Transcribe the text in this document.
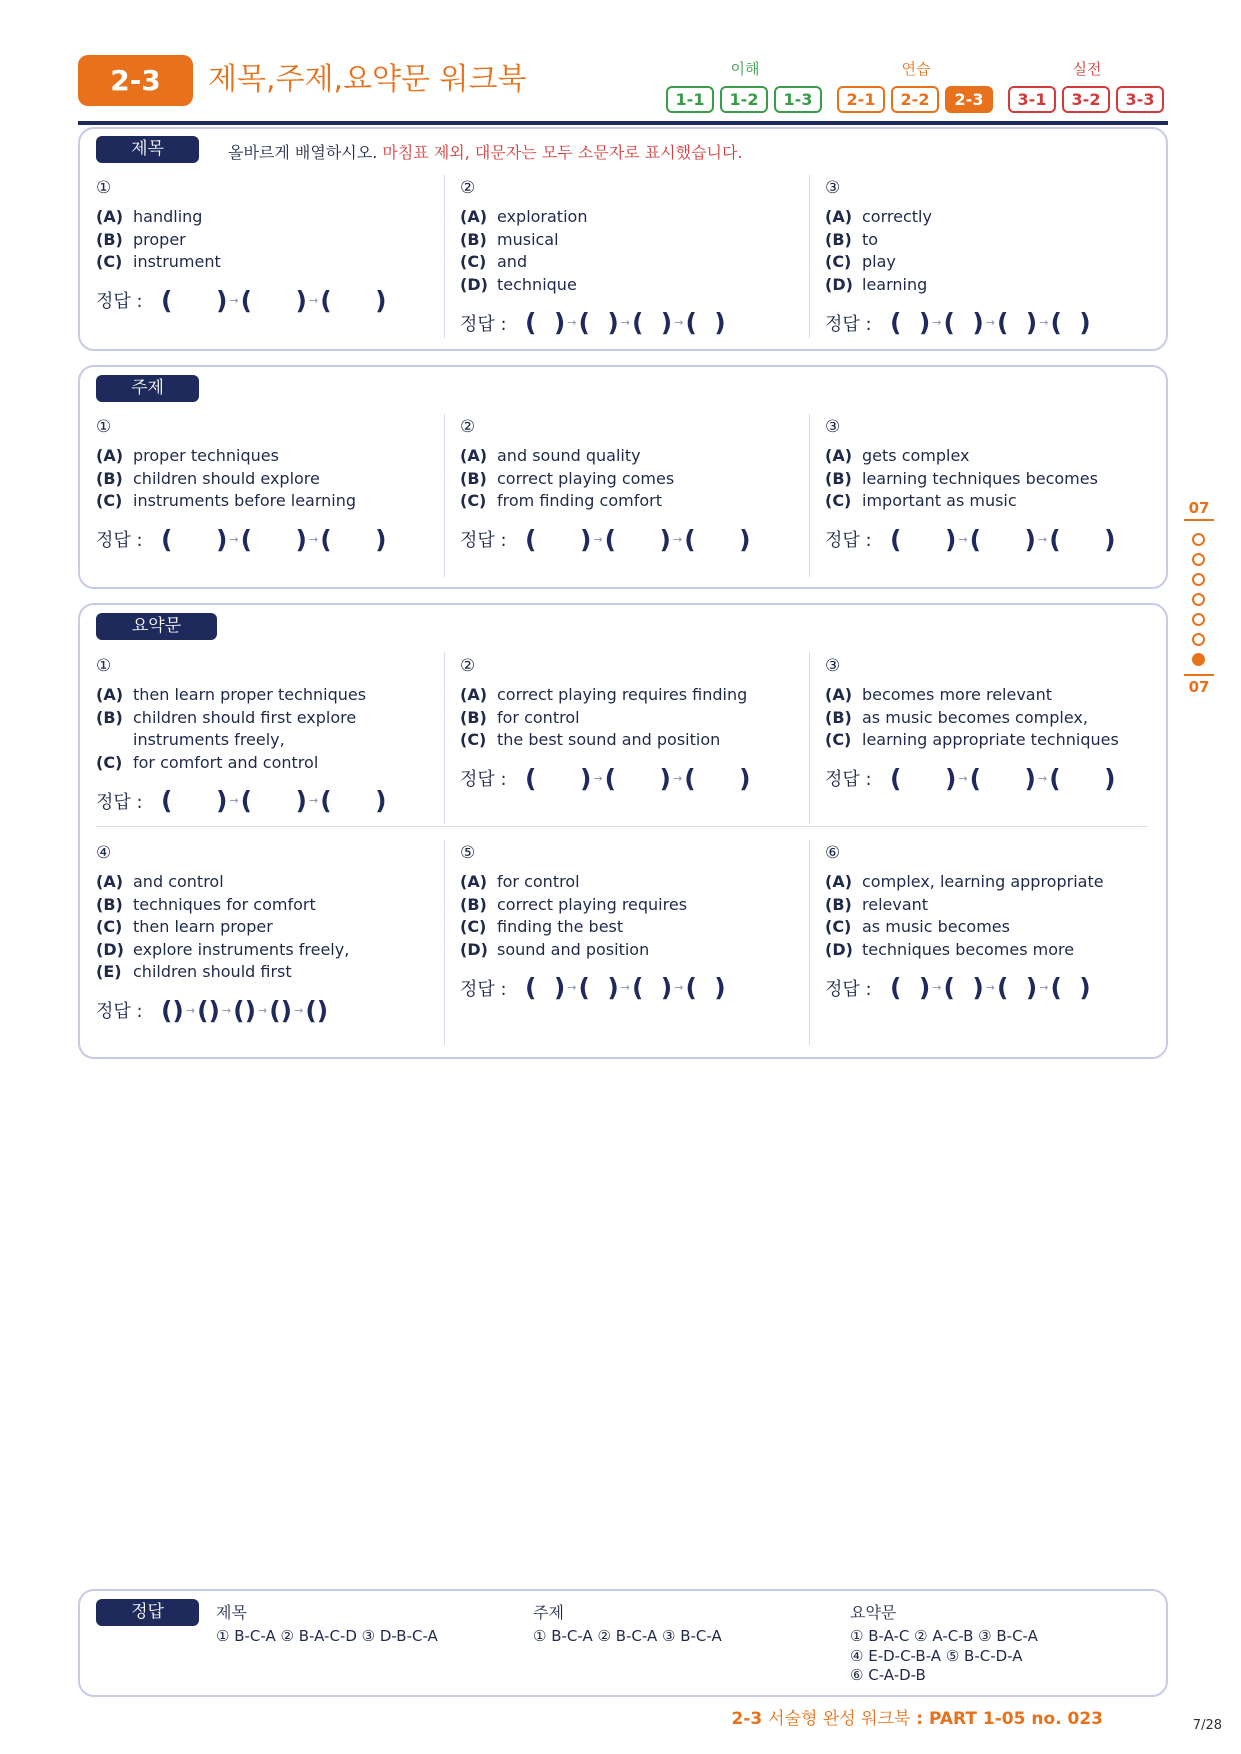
2-3	제목,주제,요약문 워크북	이해	연습	실전
1-1	1-2	1-3	2-1	2-2	2-3	3-1	3-2	3-3
제목	올바르게 배열하시오. 마침표 제외, 대문자는 모두 소문자로 표시했습니다.
①
(A) handling
(B) proper
(C) instrument
정답 : (     ) → (     ) → (     )
②
(A) exploration
(B) musical
(C) and
(D) technique
정답 : (  ) → (  ) → (  ) → (  )
③
(A) correctly
(B) to
(C) play
(D) learning
정답 : (  ) → (  ) → (  ) → (  )
주제
①
(A) proper techniques
(B) children should explore
(C) instruments before learning
정답 : (     ) → (     ) → (     )
②
(A) and sound quality
(B) correct playing comes
(C) from finding comfort
정답 : (     ) → (     ) → (     )
③
(A) gets complex
(B) learning techniques becomes
(C) important as music
정답 : (     ) → (     ) → (     )
요약문
①
(A) then learn proper techniques
(B) children should first explore instruments freely,
(C) for comfort and control
정답 : (     ) → (     ) → (     )
②
(A) correct playing requires finding
(B) for control
(C) the best sound and position
정답 : (     ) → (     ) → (     )
③
(A) becomes more relevant
(B) as music becomes complex,
(C) learning appropriate techniques
정답 : (     ) → (     ) → (     )
④
(A) and control
(B) techniques for comfort
(C) then learn proper
(D) explore instruments freely,
(E) children should first
정답 : () → () → () → () → ()
⑤
(A) for control
(B) correct playing requires
(C) finding the best
(D) sound and position
정답 : (  ) → (  ) → (  ) → (  )
⑥
(A) complex, learning appropriate
(B) relevant
(C) as music becomes
(D) techniques becomes more
정답 : (  ) → (  ) → (  ) → (  )
07
07
정답	제목
① B-C-A ② B-A-C-D ③ D-B-C-A
주제
① B-C-A ② B-C-A ③ B-C-A
요약문
① B-A-C ② A-C-B ③ B-C-A
④ E-D-C-B-A ⑤ B-C-D-A
⑥ C-A-D-B
2-3 서술형 완성 워크북 : PART 1-05 no. 023	7/28
